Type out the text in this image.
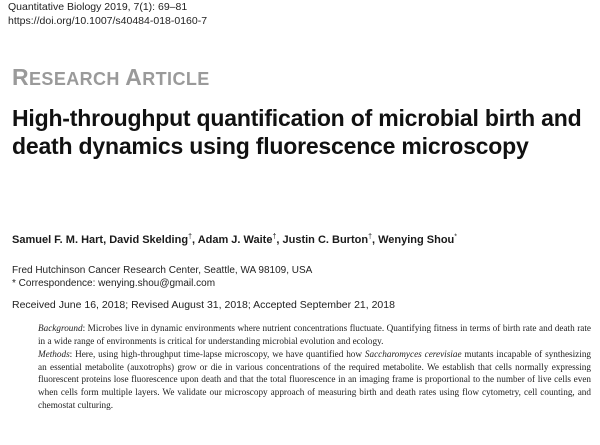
Quantitative Biology 2019, 7(1): 69–81
https://doi.org/10.1007/s40484-018-0160-7
RESEARCH ARTICLE
High-throughput quantification of microbial birth and death dynamics using fluorescence microscopy
Samuel F. M. Hart, David Skelding†, Adam J. Waite†, Justin C. Burton†, Wenying Shou*
Fred Hutchinson Cancer Research Center, Seattle, WA 98109, USA
* Correspondence: wenying.shou@gmail.com
Received June 16, 2018; Revised August 31, 2018; Accepted September 21, 2018

Background: Microbes live in dynamic environments where nutrient concentrations fluctuate. Quantifying fitness in terms of birth rate and death rate in a wide range of environments is critical for understanding microbial evolution and ecology.

Methods: Here, using high-throughput time-lapse microscopy, we have quantified how Saccharomyces cerevisiae mutants incapable of synthesizing an essential metabolite (auxotrophs) grow or die in various concentrations of the required metabolite. We establish that cells normally expressing fluorescent proteins lose fluorescence upon death and that the total fluorescence in an imaging frame is proportional to the number of live cells even when cells form multiple layers. We validate our microscopy approach of measuring birth and death rates using flow cytometry, cell counting, and chemostat culturing.
